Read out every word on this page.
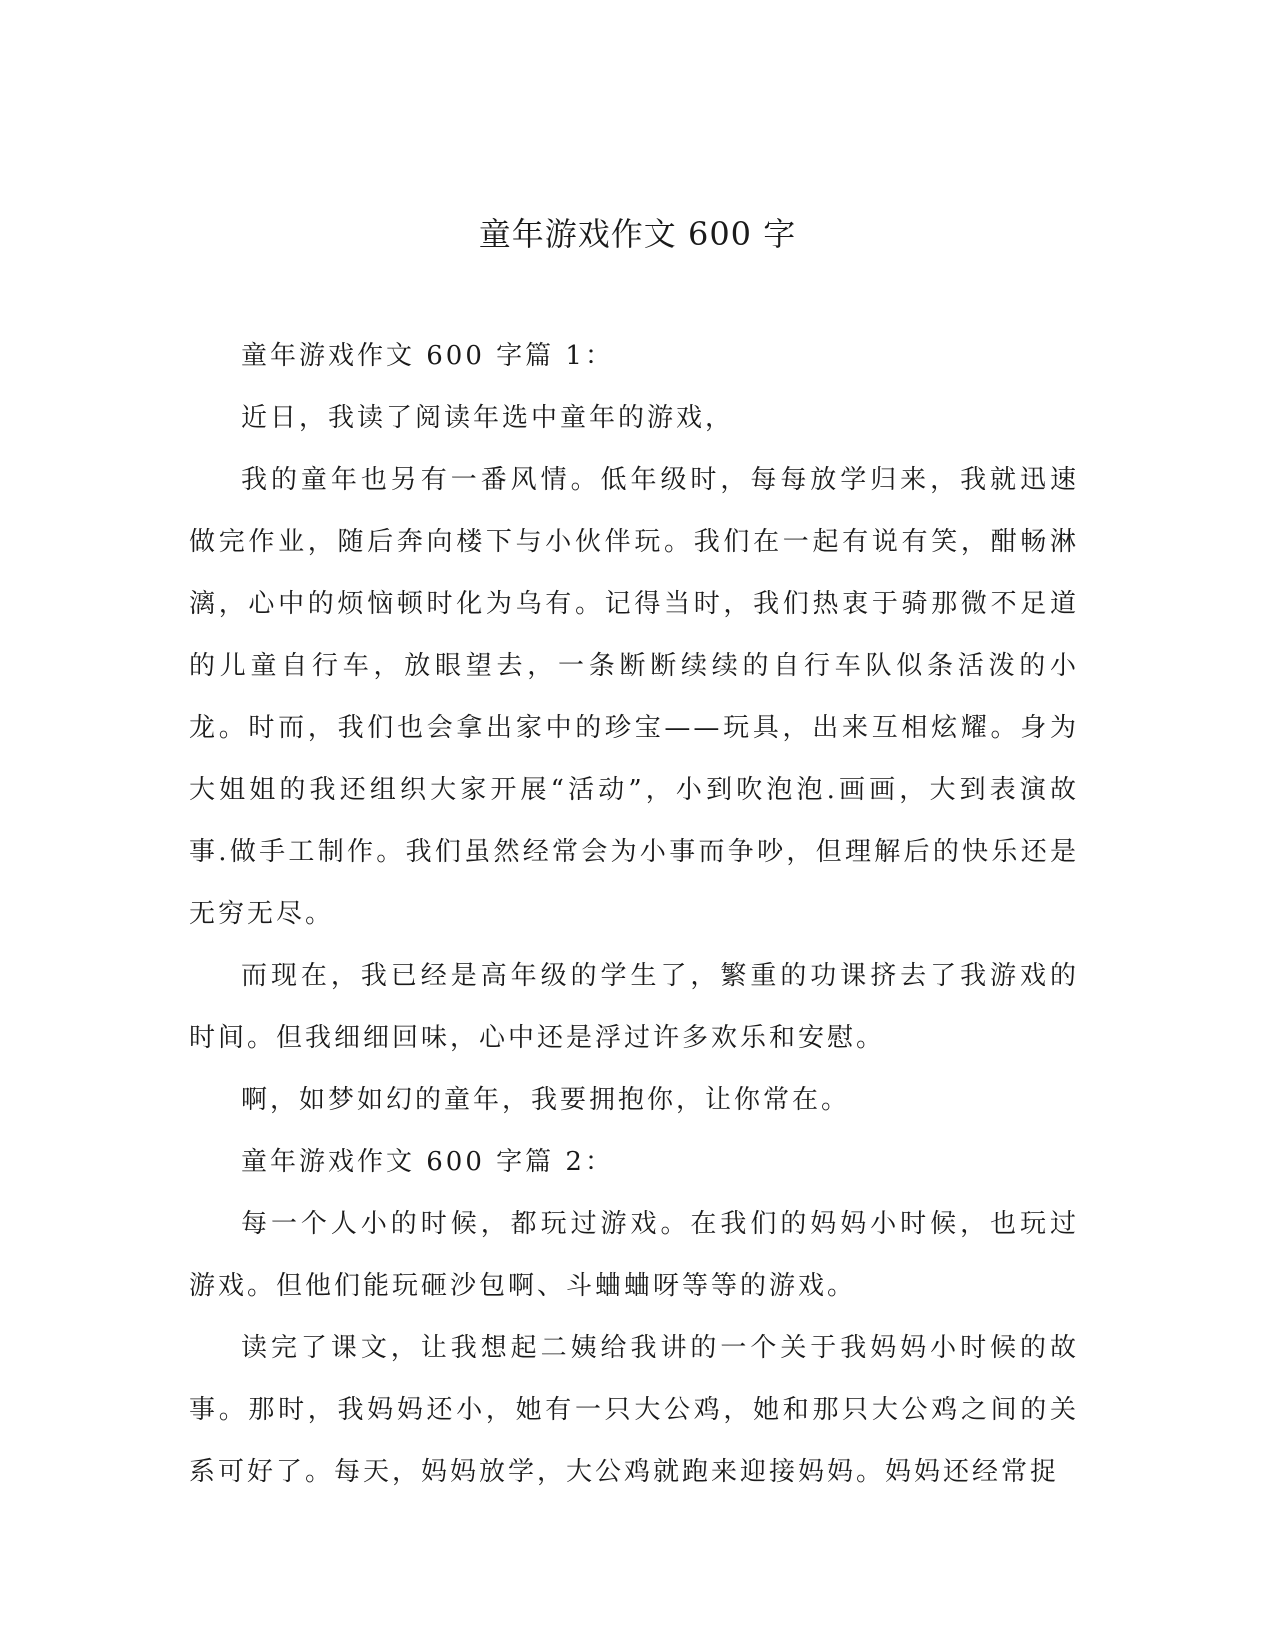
童年游戏作文 600 字

童年游戏作文 600 字篇 1：

近日，我读了阅读年选中童年的游戏，

我的童年也另有一番风情。低年级时，每每放学归来，我就迅速做完作业，随后奔向楼下与小伙伴玩。我们在一起有说有笑，酣畅淋漓，心中的烦恼顿时化为乌有。记得当时，我们热衷于骑那微不足道的儿童自行车，放眼望去，一条断断续续的自行车队似条活泼的小龙。时而，我们也会拿出家中的珍宝——玩具，出来互相炫耀。身为大姐姐的我还组织大家开展“活动”，小到吹泡泡.画画，大到表演故事.做手工制作。我们虽然经常会为小事而争吵，但理解后的快乐还是无穷无尽。

而现在，我已经是高年级的学生了，繁重的功课挤去了我游戏的时间。但我细细回味，心中还是浮过许多欢乐和安慰。

啊，如梦如幻的童年，我要拥抱你，让你常在。

童年游戏作文 600 字篇 2：

每一个人小的时候，都玩过游戏。在我们的妈妈小时候，也玩过游戏。但他们能玩砸沙包啊、斗蛐蛐呀等等的游戏。

读完了课文，让我想起二姨给我讲的一个关于我妈妈小时候的故事。那时，我妈妈还小，她有一只大公鸡，她和那只大公鸡之间的关系可好了。每天，妈妈放学，大公鸡就跑来迎接妈妈。妈妈还经常捉
